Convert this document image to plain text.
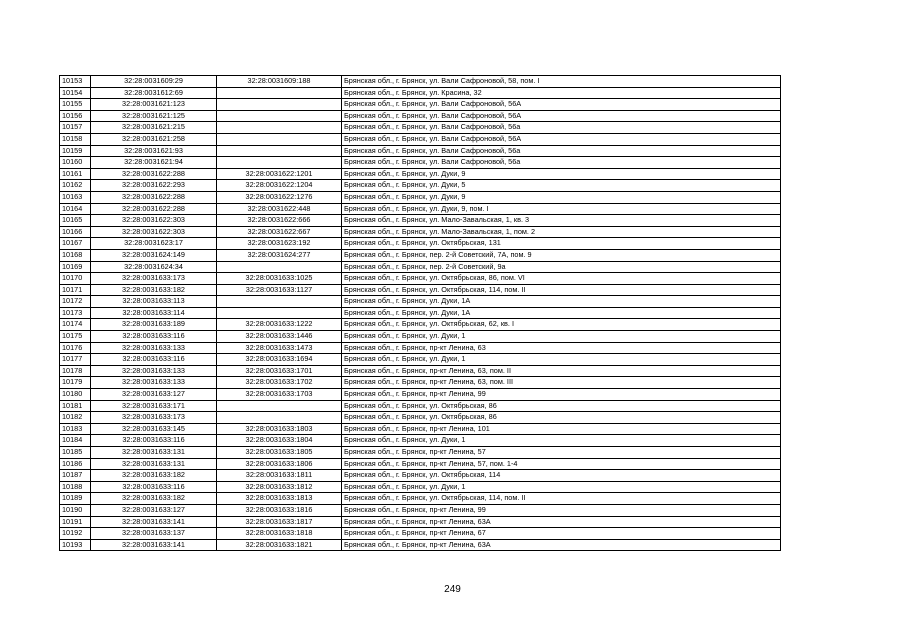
10153	32:28:0031609:29	32:28:0031609:188	Брянская обл., г. Брянск, ул. Вали Сафроновой, 58, пом. I
10154	32:28:0031612:69		Брянская обл., г. Брянск, ул. Красина, 32
10155	32:28:0031621:123		Брянская обл., г. Брянск, ул. Вали Сафроновой, 56А
10156	32:28:0031621:125		Брянская обл., г. Брянск, ул. Вали Сафроновой, 56А
10157	32:28:0031621:215		Брянская обл., г. Брянск, ул. Вали Сафроновой, 56а
10158	32:28:0031621:258		Брянская обл., г. Брянск, ул. Вали Сафроновой, 56А
10159	32:28:0031621:93		Брянская обл., г. Брянск, ул. Вали Сафроновой, 56а
10160	32:28:0031621:94		Брянская обл., г. Брянск, ул. Вали Сафроновой, 56а
10161	32:28:0031622:288	32:28:0031622:1201	Брянская обл., г. Брянск, ул. Дуки, 9
10162	32:28:0031622:293	32:28:0031622:1204	Брянская обл., г. Брянск, ул. Дуки, 5
10163	32:28:0031622:288	32:28:0031622:1276	Брянская обл., г. Брянск, ул. Дуки, 9
10164	32:28:0031622:288	32:28:0031622:448	Брянская обл., г. Брянск, ул. Дуки, 9, пом. I
10165	32:28:0031622:303	32:28:0031622:666	Брянская обл., г. Брянск, ул. Мало-Завальская, 1, кв. 3
10166	32:28:0031622:303	32:28:0031622:667	Брянская обл., г. Брянск, ул. Мало-Завальская, 1, пом. 2
10167	32:28:0031623:17	32:28:0031623:192	Брянская обл., г. Брянск, ул. Октябрьская, 131
10168	32:28:0031624:149	32:28:0031624:277	Брянская обл., г. Брянск, пер. 2-й Советский, 7А, пом. 9
10169	32:28:0031624:34		Брянская обл., г. Брянск, пер. 2-й Советский, 9а
10170	32:28:0031633:173	32:28:0031633:1025	Брянская обл., г. Брянск, ул. Октябрьская, 86, пом. VI
10171	32:28:0031633:182	32:28:0031633:1127	Брянская обл., г. Брянск, ул. Октябрьская, 114, пом. II
10172	32:28:0031633:113		Брянская обл., г. Брянск, ул. Дуки, 1А
10173	32:28:0031633:114		Брянская обл., г. Брянск, ул. Дуки, 1А
10174	32:28:0031633:189	32:28:0031633:1222	Брянская обл., г. Брянск, ул. Октябрьская, 62, кв. I
10175	32:28:0031633:116	32:28:0031633:1446	Брянская обл., г. Брянск, ул. Дуки, 1
10176	32:28:0031633:133	32:28:0031633:1473	Брянская обл., г. Брянск, пр-кт Ленина, 63
10177	32:28:0031633:116	32:28:0031633:1694	Брянская обл., г. Брянск, ул. Дуки, 1
10178	32:28:0031633:133	32:28:0031633:1701	Брянская обл., г. Брянск, пр-кт Ленина, 63, пом. II
10179	32:28:0031633:133	32:28:0031633:1702	Брянская обл., г. Брянск, пр-кт Ленина, 63, пом. III
10180	32:28:0031633:127	32:28:0031633:1703	Брянская обл., г. Брянск, пр-кт Ленина, 99
10181	32:28:0031633:171		Брянская обл., г. Брянск, ул. Октябрьская, 86
10182	32:28:0031633:173		Брянская обл., г. Брянск, ул. Октябрьская, 86
10183	32:28:0031633:145	32:28:0031633:1803	Брянская обл., г. Брянск, пр-кт Ленина, 101
10184	32:28:0031633:116	32:28:0031633:1804	Брянская обл., г. Брянск, ул. Дуки, 1
10185	32:28:0031633:131	32:28:0031633:1805	Брянская обл., г. Брянск, пр-кт Ленина, 57
10186	32:28:0031633:131	32:28:0031633:1806	Брянская обл., г. Брянск, пр-кт Ленина, 57, пом. 1-4
10187	32:28:0031633:182	32:28:0031633:1811	Брянская обл., г. Брянск, ул. Октябрьская, 114
10188	32:28:0031633:116	32:28:0031633:1812	Брянская обл., г. Брянск, ул. Дуки, 1
10189	32:28:0031633:182	32:28:0031633:1813	Брянская обл., г. Брянск, ул. Октябрьская, 114, пом. II
10190	32:28:0031633:127	32:28:0031633:1816	Брянская обл., г. Брянск, пр-кт Ленина, 99
10191	32:28:0031633:141	32:28:0031633:1817	Брянская обл., г. Брянск, пр-кт Ленина, 63А
10192	32:28:0031633:137	32:28:0031633:1818	Брянская обл., г. Брянск, пр-кт Ленина, 67
10193	32:28:0031633:141	32:28:0031633:1821	Брянская обл., г. Брянск, пр-кт Ленина, 63А
249
